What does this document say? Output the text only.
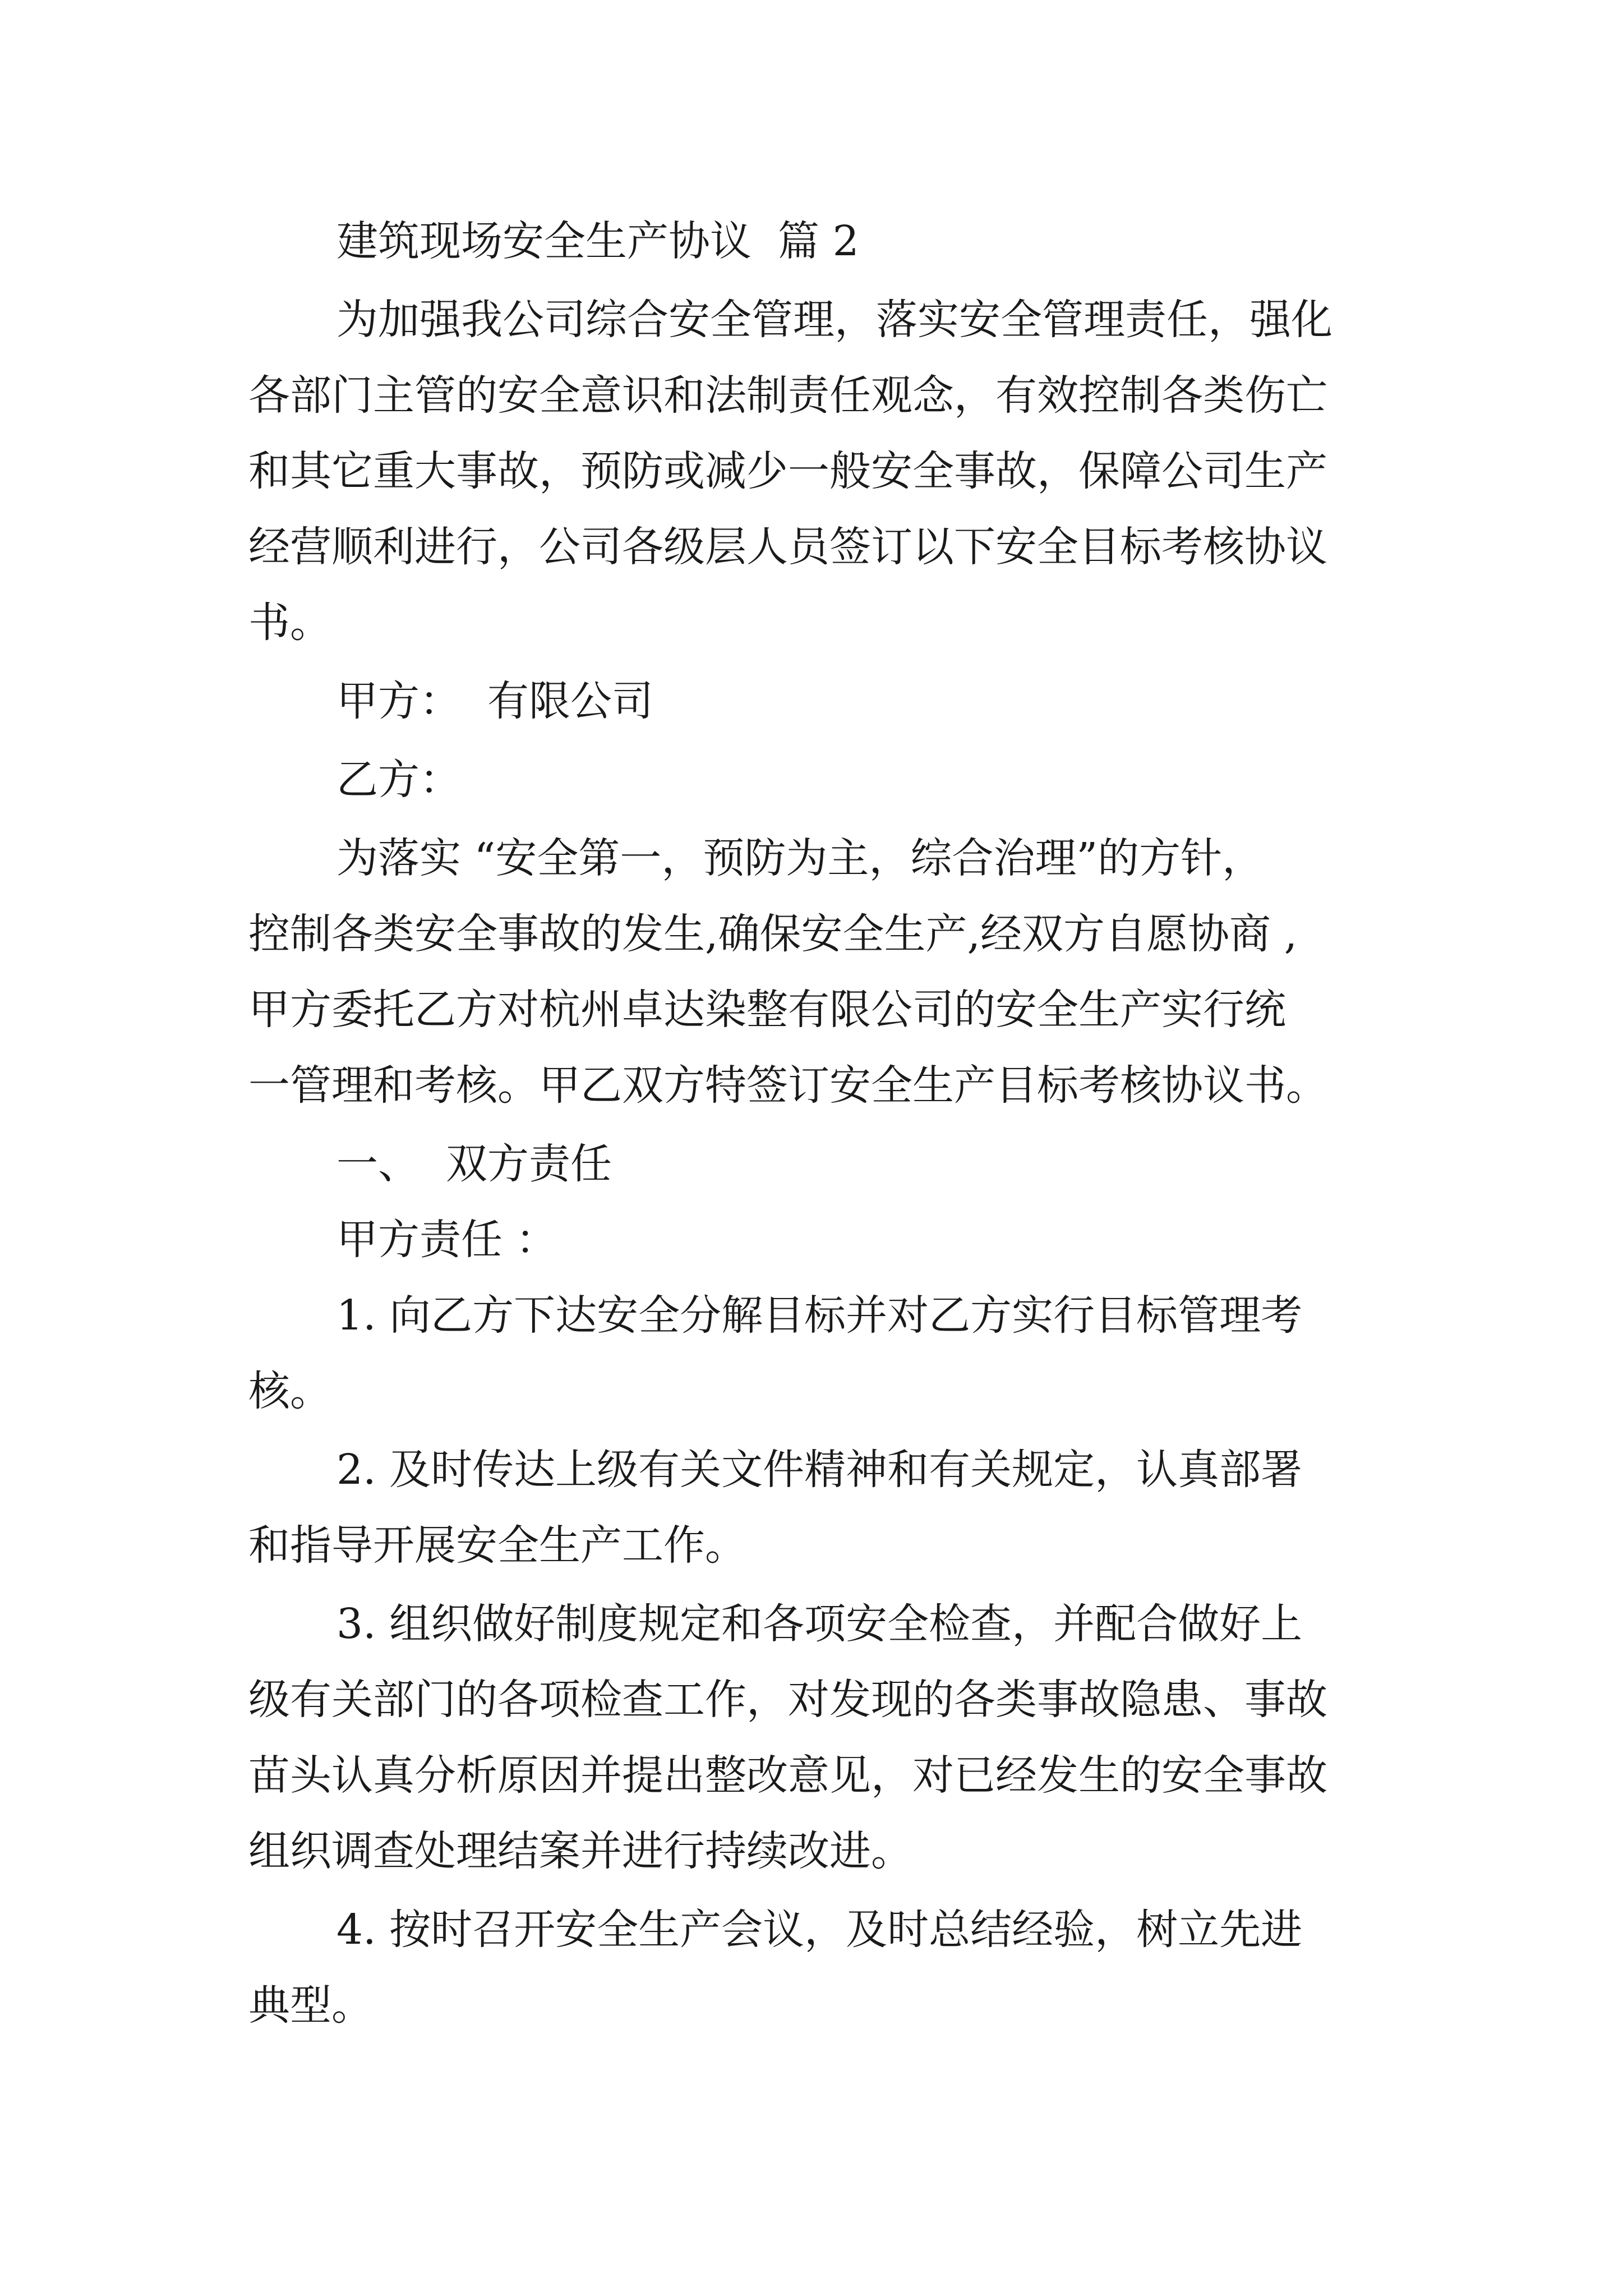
建筑现场安全生产协议  篇 2
为加强我公司综合安全管理，落实安全管理责任，强化
各部门主管的安全意识和法制责任观念，有效控制各类伤亡
和其它重大事故，预防或减少一般安全事故，保障公司生产
经营顺利进行，公司各级层人员签订以下安全目标考核协议
书。
甲方：  有限公司
乙方：
为落实 “安全第一，预防为主，综合治理”的方针，
控制各类安全事故的发生,确保安全生产,经双方自愿协商 ,
甲方委托乙方对杭州卓达染整有限公司的安全生产实行统
一管理和考核。甲乙双方特签订安全生产目标考核协议书。
一、  双方责任
甲方责任 ：
1. 向乙方下达安全分解目标并对乙方实行目标管理考
核。
2. 及时传达上级有关文件精神和有关规定，认真部署
和指导开展安全生产工作。
3. 组织做好制度规定和各项安全检查，并配合做好上
级有关部门的各项检查工作，对发现的各类事故隐患、事故
苗头认真分析原因并提出整改意见，对已经发生的安全事故
组织调查处理结案并进行持续改进。
4. 按时召开安全生产会议，及时总结经验，树立先进
典型。
